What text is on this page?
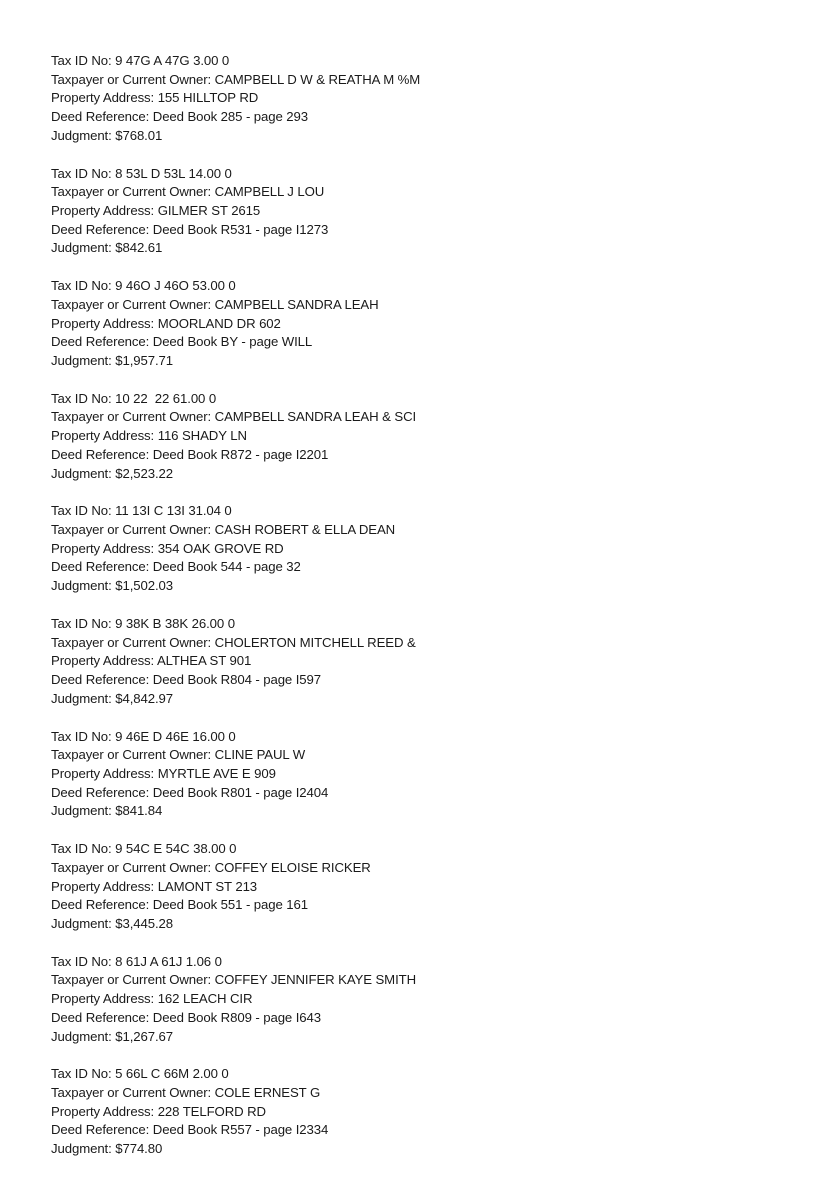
Tax ID No: 9 47G A 47G 3.00 0
Taxpayer or Current Owner: CAMPBELL D W & REATHA M %M
Property Address: 155 HILLTOP RD
Deed Reference: Deed Book 285 - page 293
Judgment: $768.01
Tax ID No: 8 53L D 53L 14.00 0
Taxpayer or Current Owner: CAMPBELL J LOU
Property Address: GILMER ST 2615
Deed Reference: Deed Book R531 - page I1273
Judgment: $842.61
Tax ID No: 9 46O J 46O 53.00 0
Taxpayer or Current Owner: CAMPBELL SANDRA LEAH
Property Address: MOORLAND DR 602
Deed Reference: Deed Book BY - page WILL
Judgment: $1,957.71
Tax ID No: 10 22  22 61.00 0
Taxpayer or Current Owner: CAMPBELL SANDRA LEAH & SCI
Property Address: 116 SHADY LN
Deed Reference: Deed Book R872 - page I2201
Judgment: $2,523.22
Tax ID No: 11 13I C 13I 31.04 0
Taxpayer or Current Owner: CASH ROBERT & ELLA DEAN
Property Address: 354 OAK GROVE RD
Deed Reference: Deed Book 544 - page 32
Judgment: $1,502.03
Tax ID No: 9 38K B 38K 26.00 0
Taxpayer or Current Owner: CHOLERTON MITCHELL REED &
Property Address: ALTHEA ST 901
Deed Reference: Deed Book R804 - page I597
Judgment: $4,842.97
Tax ID No: 9 46E D 46E 16.00 0
Taxpayer or Current Owner: CLINE PAUL W
Property Address: MYRTLE AVE E 909
Deed Reference: Deed Book R801 - page I2404
Judgment: $841.84
Tax ID No: 9 54C E 54C 38.00 0
Taxpayer or Current Owner: COFFEY ELOISE RICKER
Property Address: LAMONT ST 213
Deed Reference: Deed Book 551 - page 161
Judgment: $3,445.28
Tax ID No: 8 61J A 61J 1.06 0
Taxpayer or Current Owner: COFFEY JENNIFER KAYE SMITH
Property Address: 162 LEACH CIR
Deed Reference: Deed Book R809 - page I643
Judgment: $1,267.67
Tax ID No: 5 66L C 66M 2.00 0
Taxpayer or Current Owner: COLE ERNEST G
Property Address: 228 TELFORD RD
Deed Reference: Deed Book R557 - page I2334
Judgment: $774.80
